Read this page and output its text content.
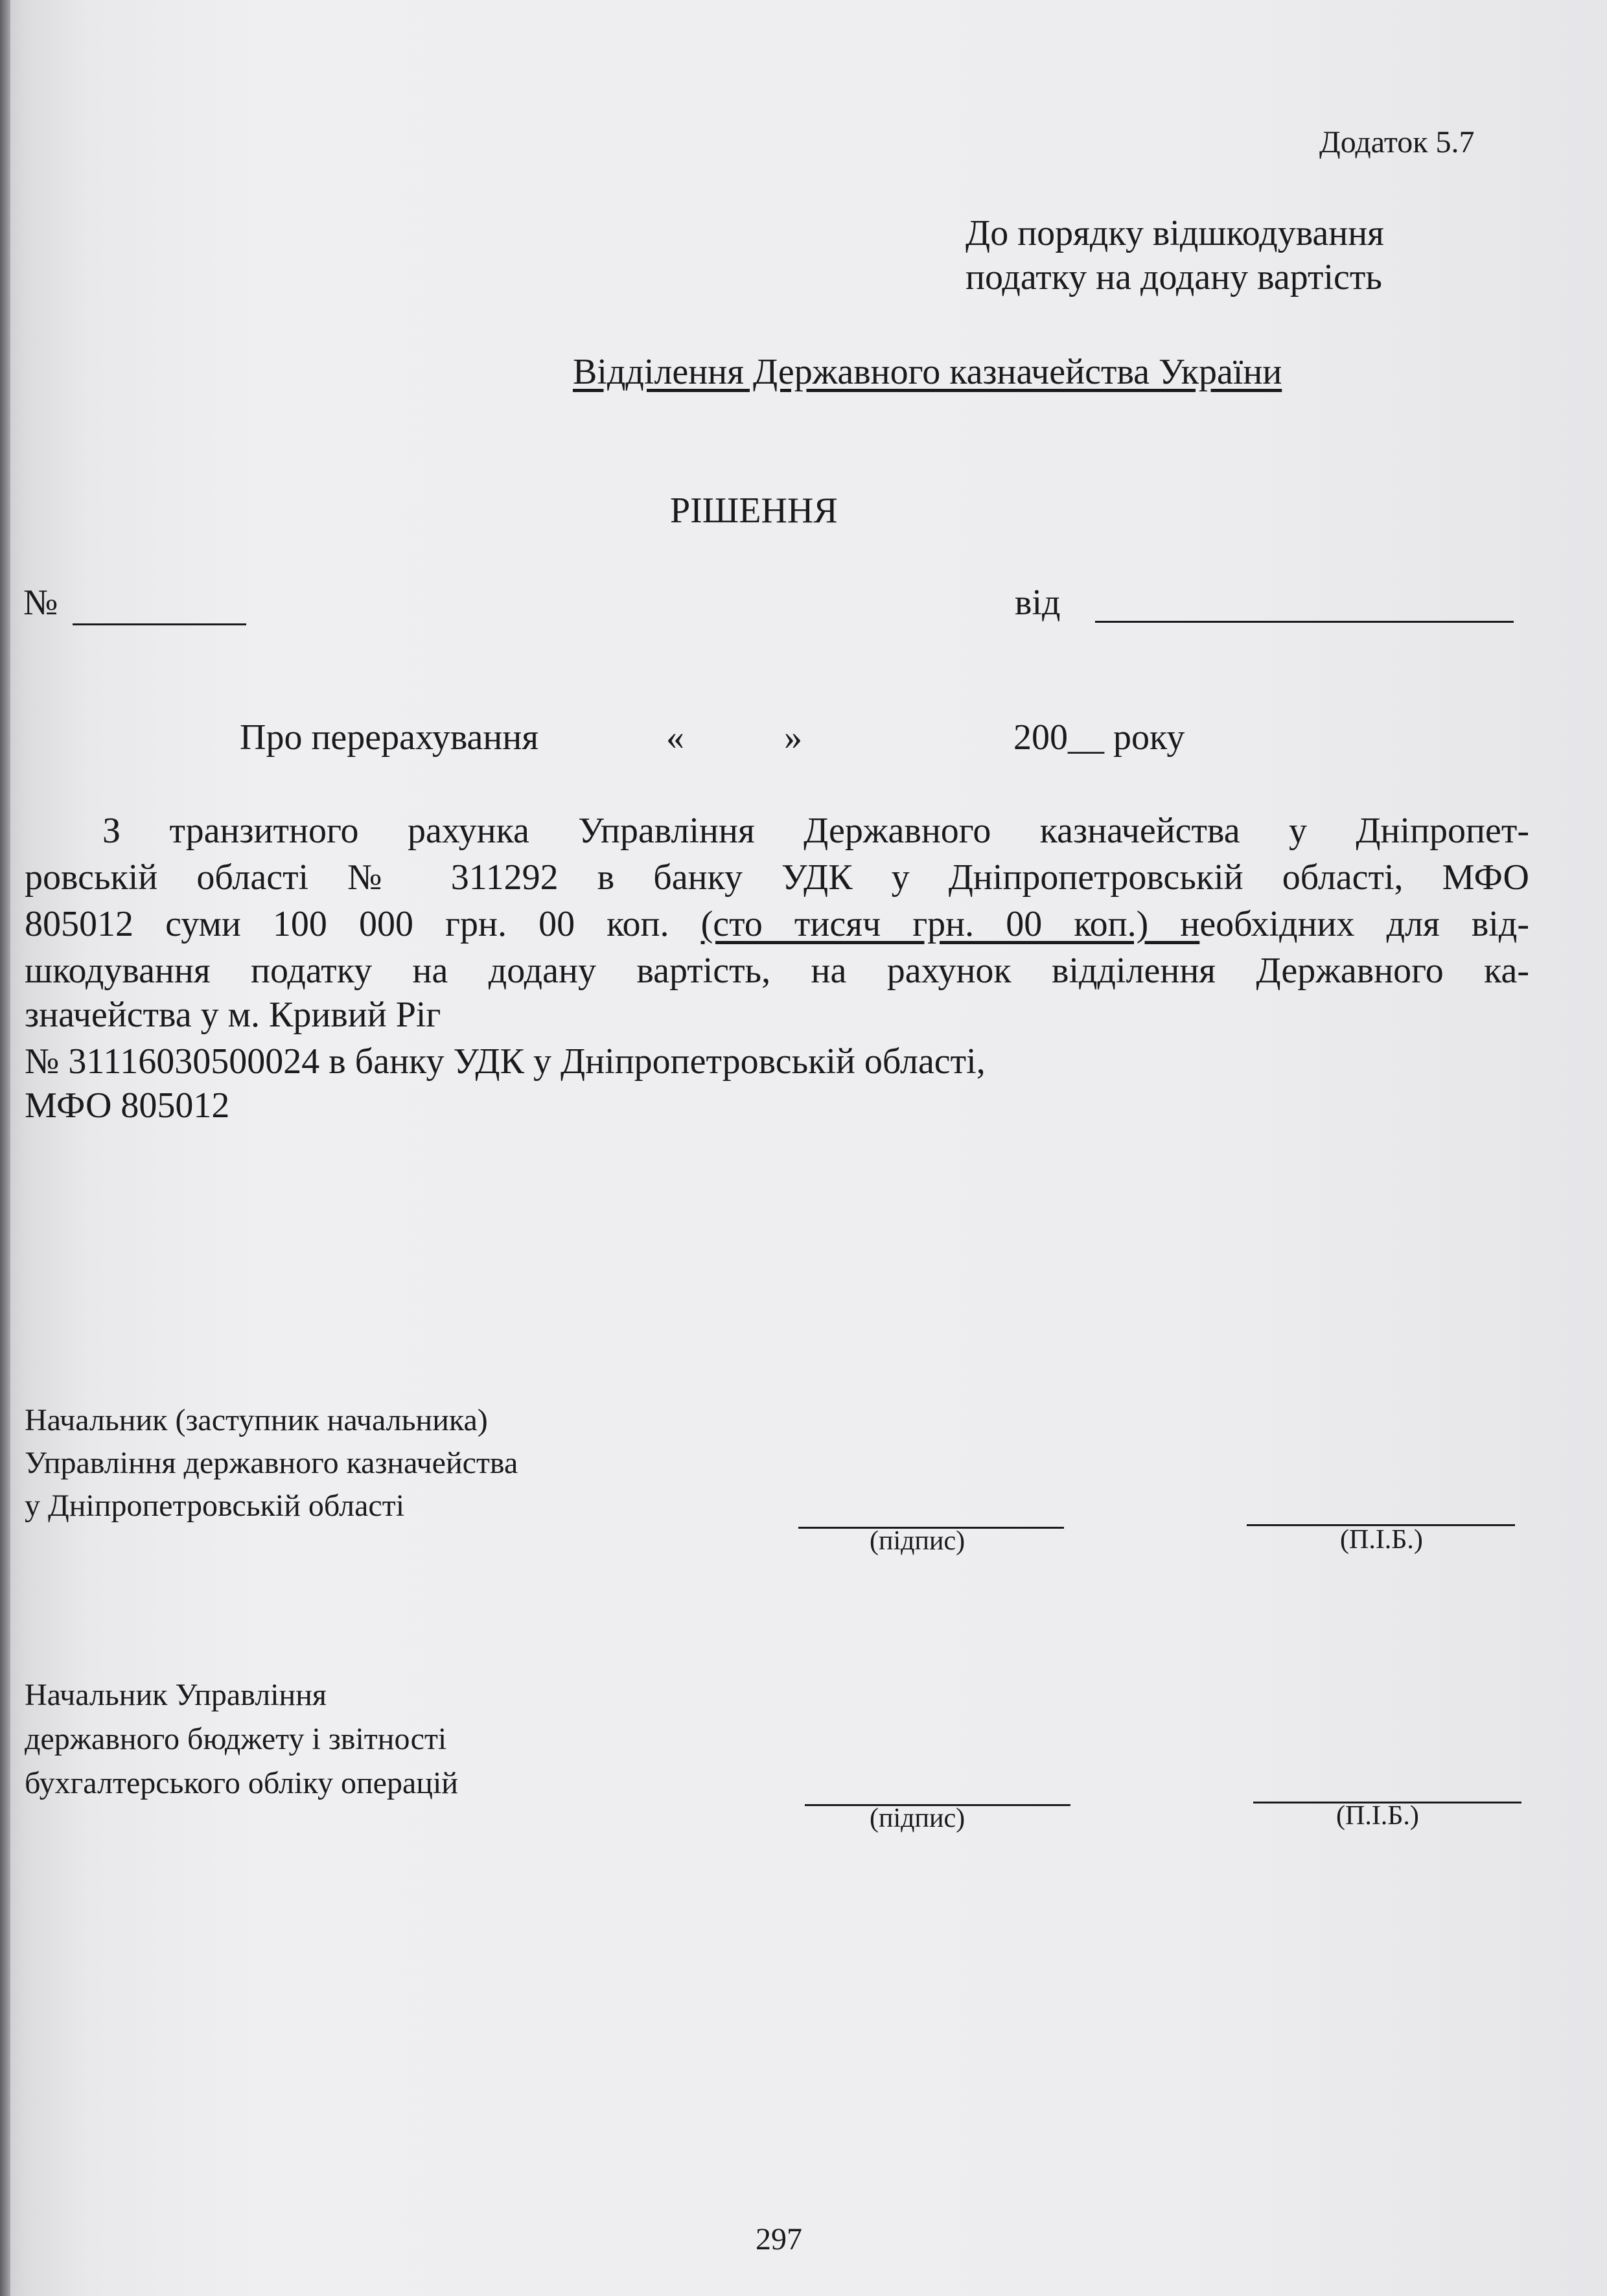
Додаток 5.7
До порядку відшкодування
податку на додану вартість
Відділення Державного казначейства України
РІШЕННЯ
№	від
Про перерахування	«	»	200__ року
З транзитного рахунка Управління Державного казначейства у Дніпропет-
ровській області № 311292 в банку УДК у Дніпропетровській області, МФО
805012 суми 100 000 грн. 00 коп. (сто тисяч грн. 00 коп.) необхідних для від-
шкодування податку на додану вартість, на рахунок відділення Державного ка-
значейства у м. Кривий Ріг
№ 31116030500024 в банку УДК у Дніпропетровській області,
МФО 805012
Начальник (заступник начальника)
Управління державного казначейства
у Дніпропетровській області
(підпис)	(П.І.Б.)
Начальник Управління
державного бюджету і звітності
бухгалтерського обліку операцій
(підпис)	(П.І.Б.)
297
